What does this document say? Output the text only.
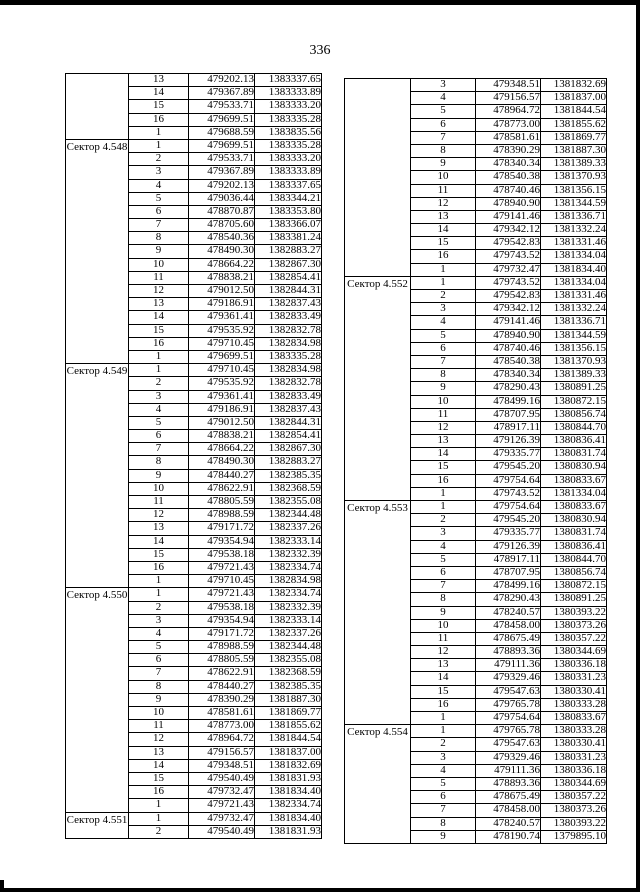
336
	13	479202.13	1383337.65
	14	479367.89	1383333.89
	15	479533.71	1383333.20
	16	479699.51	1383335.28
	1	479688.59	1383835.56

Сектор 4.548	1	479699.51	1383335.28
	2	479533.71	1383333.20
	3	479367.89	1383333.89
	4	479202.13	1383337.65
	5	479036.44	1383344.21
	6	478870.87	1383353.80
	7	478705.60	1383366.07
	8	478540.36	1383381.24
	9	478490.30	1382883.27
	10	478664.22	1382867.30
	11	478838.21	1382854.41
	12	479012.50	1382844.31
	13	479186.91	1382837.43
	14	479361.41	1382833.49
	15	479535.92	1382832.78
	16	479710.45	1382834.98
	1	479699.51	1383335.28

Сектор 4.549	1	479710.45	1382834.98
	2	479535.92	1382832.78
	3	479361.41	1382833.49
	4	479186.91	1382837.43
	5	479012.50	1382844.31
	6	478838.21	1382854.41
	7	478664.22	1382867.30
	8	478490.30	1382883.27
	9	478440.27	1382385.35
	10	478622.91	1382368.59
	11	478805.59	1382355.08
	12	478988.59	1382344.48
	13	479171.72	1382337.26
	14	479354.94	1382333.14
	15	479538.18	1382332.39
	16	479721.43	1382334.74
	1	479710.45	1382834.98

Сектор 4.550	1	479721.43	1382334.74
	2	479538.18	1382332.39
	3	479354.94	1382333.14
	4	479171.72	1382337.26
	5	478988.59	1382344.48
	6	478805.59	1382355.08
	7	478622.91	1382368.59
	8	478440.27	1382385.35
	9	478390.29	1381887.30
	10	478581.61	1381869.77
	11	478773.00	1381855.62
	12	478964.72	1381844.54
	13	479156.57	1381837.00
	14	479348.51	1381832.69
	15	479540.49	1381831.93
	16	479732.47	1381834.40
	1	479721.43	1382334.74

Сектор 4.551	1	479732.47	1381834.40
	2	479540.49	1381831.93
	3	479348.51	1381832.69
	4	479156.57	1381837.00
	5	478964.72	1381844.54
	6	478773.00	1381855.62
	7	478581.61	1381869.77
	8	478390.29	1381887.30
	9	478340.34	1381389.33
	10	478540.38	1381370.93
	11	478740.46	1381356.15
	12	478940.90	1381344.59
	13	479141.46	1381336.71
	14	479342.12	1381332.24
	15	479542.83	1381331.46
	16	479743.52	1381334.04
	1	479732.47	1381834.40

Сектор 4.552	1	479743.52	1381334.04
	2	479542.83	1381331.46
	3	479342.12	1381332.24
	4	479141.46	1381336.71
	5	478940.90	1381344.59
	6	478740.46	1381356.15
	7	478540.38	1381370.93
	8	478340.34	1381389.33
	9	478290.43	1380891.25
	10	478499.16	1380872.15
	11	478707.95	1380856.74
	12	478917.11	1380844.70
	13	479126.39	1380836.41
	14	479335.77	1380831.74
	15	479545.20	1380830.94
	16	479754.64	1380833.67
	1	479743.52	1381334.04

Сектор 4.553	1	479754.64	1380833.67
	2	479545.20	1380830.94
	3	479335.77	1380831.74
	4	479126.39	1380836.41
	5	478917.11	1380844.70
	6	478707.95	1380856.74
	7	478499.16	1380872.15
	8	478290.43	1380891.25
	9	478240.57	1380393.22
	10	478458.00	1380373.26
	11	478675.49	1380357.22
	12	478893.36	1380344.69
	13	479111.36	1380336.18
	14	479329.46	1380331.23
	15	479547.63	1380330.41
	16	479765.78	1380333.28
	1	479754.64	1380833.67

Сектор 4.554	1	479765.78	1380333.28
	2	479547.63	1380330.41
	3	479329.46	1380331.23
	4	479111.36	1380336.18
	5	478893.36	1380344.69
	6	478675.49	1380357.22
	7	478458.00	1380373.26
	8	478240.57	1380393.22
	9	478190.74	1379895.10
